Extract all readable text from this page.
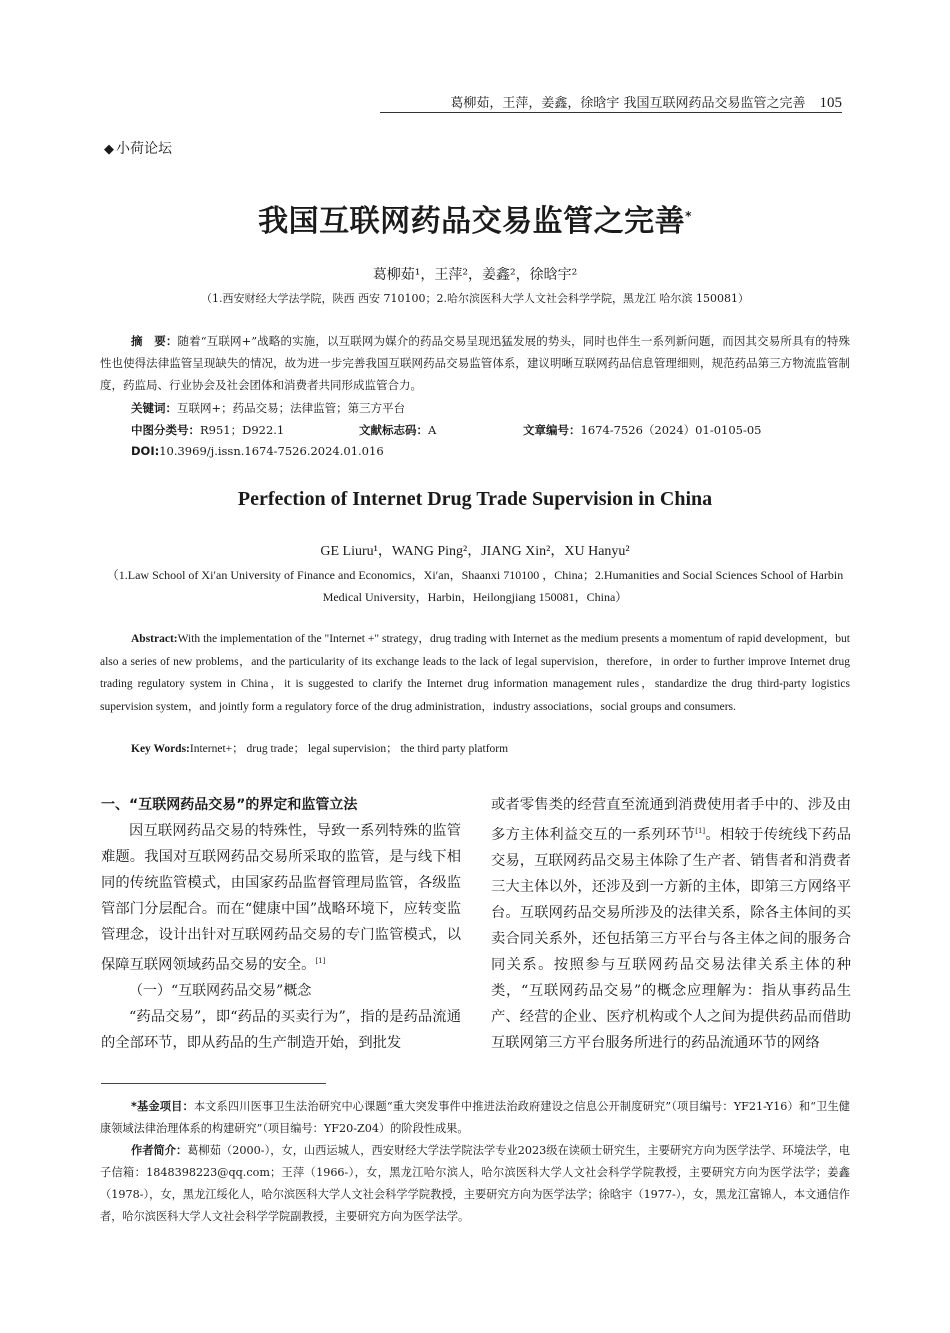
葛柳茹，王萍，姜鑫，徐晗宇 我国互联网药品交易监管之完善 105
◆ 小荷论坛
我国互联网药品交易监管之完善*
葛柳茹¹，王萍²，姜鑫²，徐晗宇²
（1.西安财经大学法学院，陕西 西安 710100；2.哈尔滨医科大学人文社会科学学院，黑龙江 哈尔滨 150081）
摘　要：随着“互联网+”战略的实施，以互联网为媒介的药品交易呈现迅猛发展的势头，同时也伴生一系列新问题，而因其交易所具有的特殊性也使得法律监管呈现缺失的情况，故为进一步完善我国互联网药品交易监管体系，建议明晰互联网药品信息管理细则，规范药品第三方物流监管制度，药监局、行业协会及社会团体和消费者共同形成监管合力。
关键词：互联网+；药品交易；法律监管；第三方平台
中图分类号：R951；D922.1	文献标志码：A	文章编号：1674-7526（2024）01-0105-05
DOI:10.3969/j.issn.1674-7526.2024.01.016
Perfection of Internet Drug Trade Supervision in China
GE Liuru¹，WANG Ping²，JIANG Xin²，XU Hanyu²
（1.Law School of Xi′an University of Finance and Economics，Xi′an，Shaanxi 710100 ，China；2.Humanities and Social Sciences School of Harbin Medical University，Harbin，Heilongjiang 150081，China）
Abstract:With the implementation of the "Internet +" strategy，drug trading with Internet as the medium presents a momentum of rapid development，but also a series of new problems，and the particularity of its exchange leads to the lack of legal supervision，therefore，in order to further improve Internet drug trading regulatory system in China，it is suggested to clarify the Internet drug information management rules，standardize the drug third-party logistics supervision system，and jointly form a regulatory force of the drug administration，industry associations，social groups and consumers.
Key Words:Internet+； drug trade； legal supervision； the third party platform
一、“互联网药品交易”的界定和监管立法

因互联网药品交易的特殊性，导致一系列特殊的监管难题。我国对互联网药品交易所采取的监管，是与线下相同的传统监管模式，由国家药品监督管理局监管，各级监管部门分层配合。而在“健康中国”战略环境下，应转变监管理念，设计出针对互联网药品交易的专门监管模式，以保障互联网领域药品交易的安全。[1]

（一）“互联网药品交易”概念

“药品交易”，即“药品的买卖行为”，指的是药品流通的全部环节，即从药品的生产制造开始，到批发

或者零售类的经营直至流通到消费使用者手中的、涉及由多方主体利益交互的一系列环节[1]。相较于传统线下药品交易，互联网药品交易主体除了生产者、销售者和消费者三大主体以外，还涉及到一方新的主体，即第三方网络平台。互联网药品交易所涉及的法律关系，除各主体间的买卖合同关系外，还包括第三方平台与各主体之间的服务合同关系。按照参与互联网药品交易法律关系主体的种类，“互联网药品交易”的概念应理解为：指从事药品生产、经营的企业、医疗机构或个人之间为提供药品而借助互联网第三方平台服务所进行的药品流通环节的网络

*基金项目：本文系四川医事卫生法治研究中心课题“重大突发事件中推进法治政府建设之信息公开制度研究”（项目编号：YF21-Y16）和“卫生健康领域法律治理体系的构建研究”（项目编号：YF20-Z04）的阶段性成果。
作者简介：葛柳茹（2000-），女，山西运城人，西安财经大学法学院法学专业2023级在读硕士研究生，主要研究方向为医学法学、环境法学，电子信箱：1848398223@qq.com；王萍（1966-），女，黑龙江哈尔滨人，哈尔滨医科大学人文社会科学学院教授，主要研究方向为医学法学；姜鑫（1978-），女，黑龙江绥化人，哈尔滨医科大学人文社会科学学院教授，主要研究方向为医学法学；徐晗宇（1977-），女，黑龙江富锦人，本文通信作者，哈尔滨医科大学人文社会科学学院副教授，主要研究方向为医学法学。
